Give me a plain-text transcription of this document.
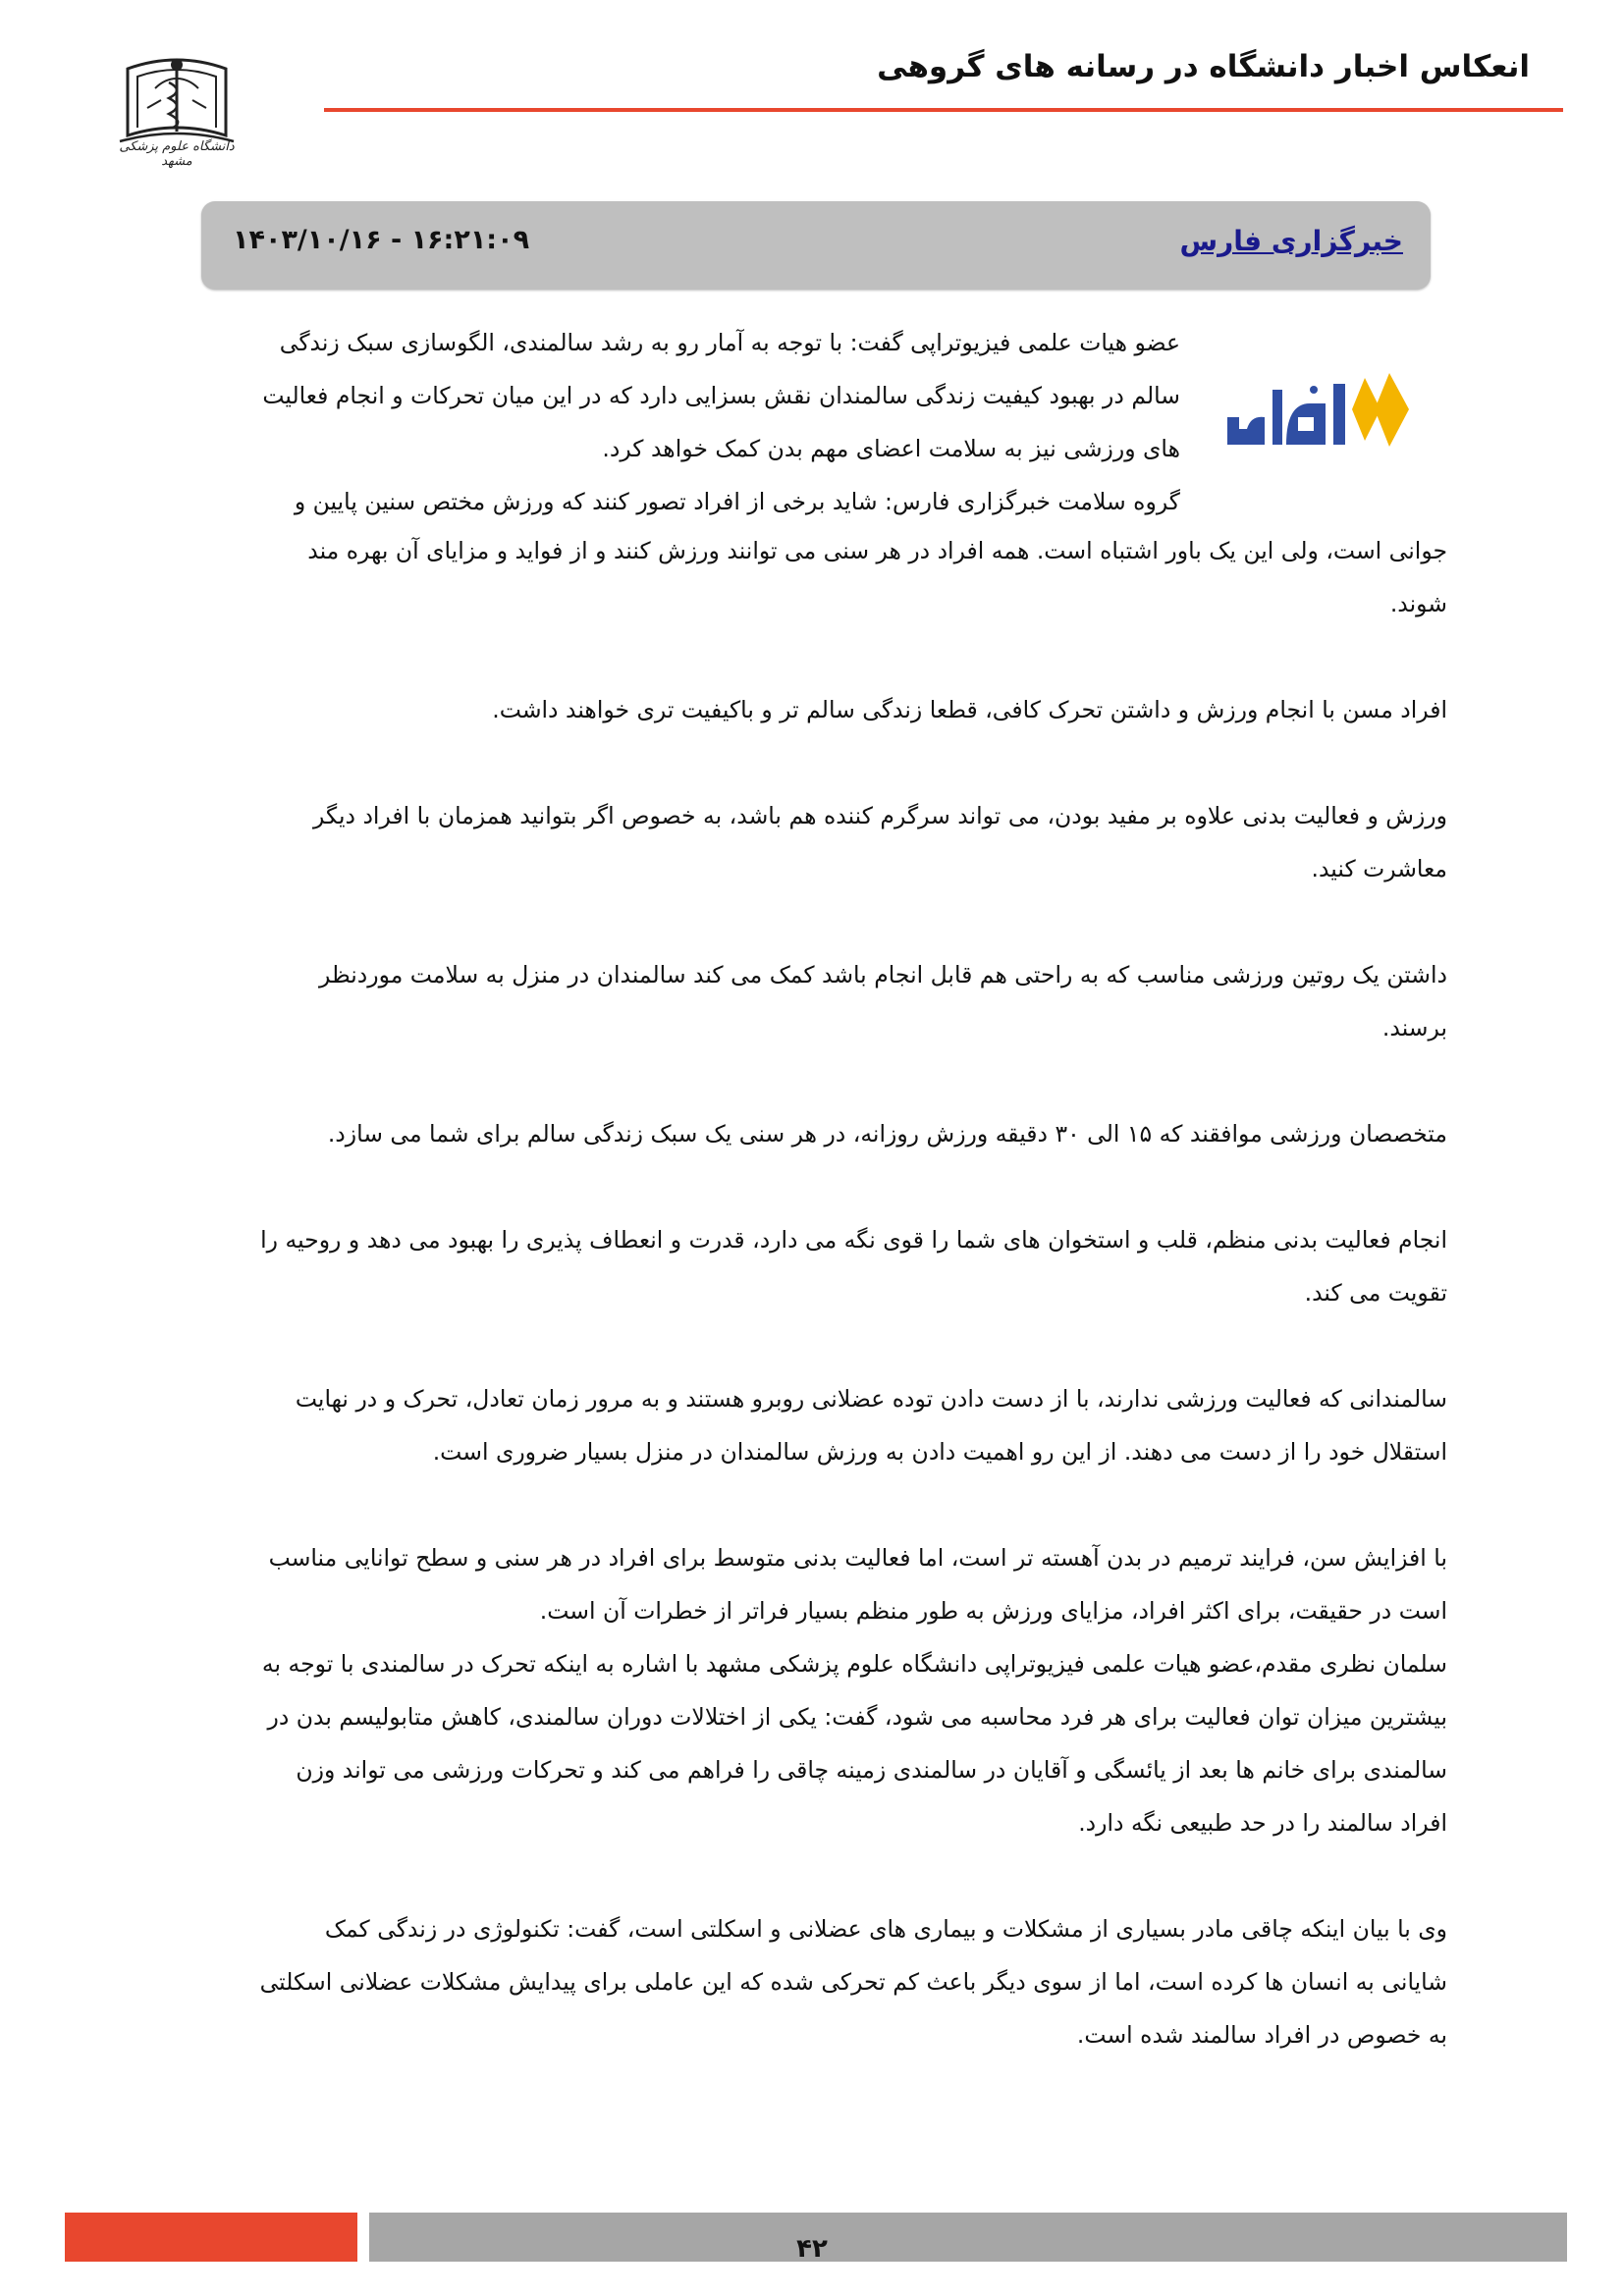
انعکاس اخبار دانشگاه در رسانه های گروهی
دانشگاه علوم پزشکی مشهد
خبرگزاری فارس
۱۶:۲۱:۰۹ - ۱۴۰۳/۱۰/۱۶
عضو هیات علمی فیزیوتراپی گفت: با توجه به آمار رو به رشد سالمندی، الگوسازی سبک زندگی
سالم در بهبود کیفیت زندگی سالمندان نقش بسزایی دارد که در این میان تحرکات و انجام فعالیت
های ورزشی نیز به سلامت اعضای مهم بدن کمک خواهد کرد.
گروه سلامت خبرگزاری فارس: شاید برخی از افراد تصور کنند که ورزش مختص سنین پایین و

جوانی است، ولی این یک باور اشتباه است. همه افراد در هر سنی می توانند ورزش کنند و از فواید و مزایای آن بهره مند
شوند.

افراد مسن با انجام ورزش و داشتن تحرک کافی، قطعا زندگی سالم تر و باکیفیت تری خواهند داشت.

ورزش و فعالیت بدنی علاوه بر مفید بودن، می تواند سرگرم کننده هم باشد، به خصوص اگر بتوانید همزمان با افراد دیگر
معاشرت کنید.

داشتن یک روتین ورزشی مناسب که به راحتی هم قابل انجام باشد کمک می کند سالمندان در منزل به سلامت موردنظر
برسند.

متخصصان ورزشی موافقند که ۱۵ الی ۳۰ دقیقه ورزش روزانه، در هر سنی یک سبک زندگی سالم برای شما می سازد.

انجام فعالیت بدنی منظم، قلب و استخوان های شما را قوی نگه می دارد، قدرت و انعطاف پذیری را بهبود می دهد و روحیه را
تقویت می کند.

سالمندانی که فعالیت ورزشی ندارند، با از دست دادن توده عضلانی روبرو هستند و به مرور زمان تعادل، تحرک و در نهایت
استقلال خود را از دست می دهند. از این رو اهمیت دادن به ورزش سالمندان در منزل بسیار ضروری است.

با افزایش سن، فرایند ترمیم در بدن آهسته تر است، اما فعالیت بدنی متوسط برای افراد در هر سنی و سطح توانایی مناسب
است در حقیقت، برای اکثر افراد، مزایای ورزش به طور منظم بسیار فراتر از خطرات آن است.

سلمان نظری مقدم،عضو هیات علمی فیزیوتراپی دانشگاه علوم پزشکی مشهد با اشاره به اینکه تحرک در سالمندی با توجه به
بیشترین میزان توان فعالیت برای هر فرد محاسبه می شود، گفت: یکی از اختلالات دوران سالمندی، کاهش متابولیسم بدن در
سالمندی برای خانم ها بعد از یائسگی و آقایان در سالمندی زمینه چاقی را فراهم می کند و تحرکات ورزشی می تواند وزن
افراد سالمند را در حد طبیعی نگه دارد.

وی با بیان اینکه چاقی مادر بسیاری از مشکلات و بیماری های عضلانی و اسکلتی است، گفت: تکنولوژی در زندگی کمک
شایانی به انسان ها کرده است، اما از سوی دیگر باعث کم تحرکی شده که این عاملی برای پیدایش مشکلات عضلانی اسکلتی
به خصوص در افراد سالمند شده است.

۴۲
